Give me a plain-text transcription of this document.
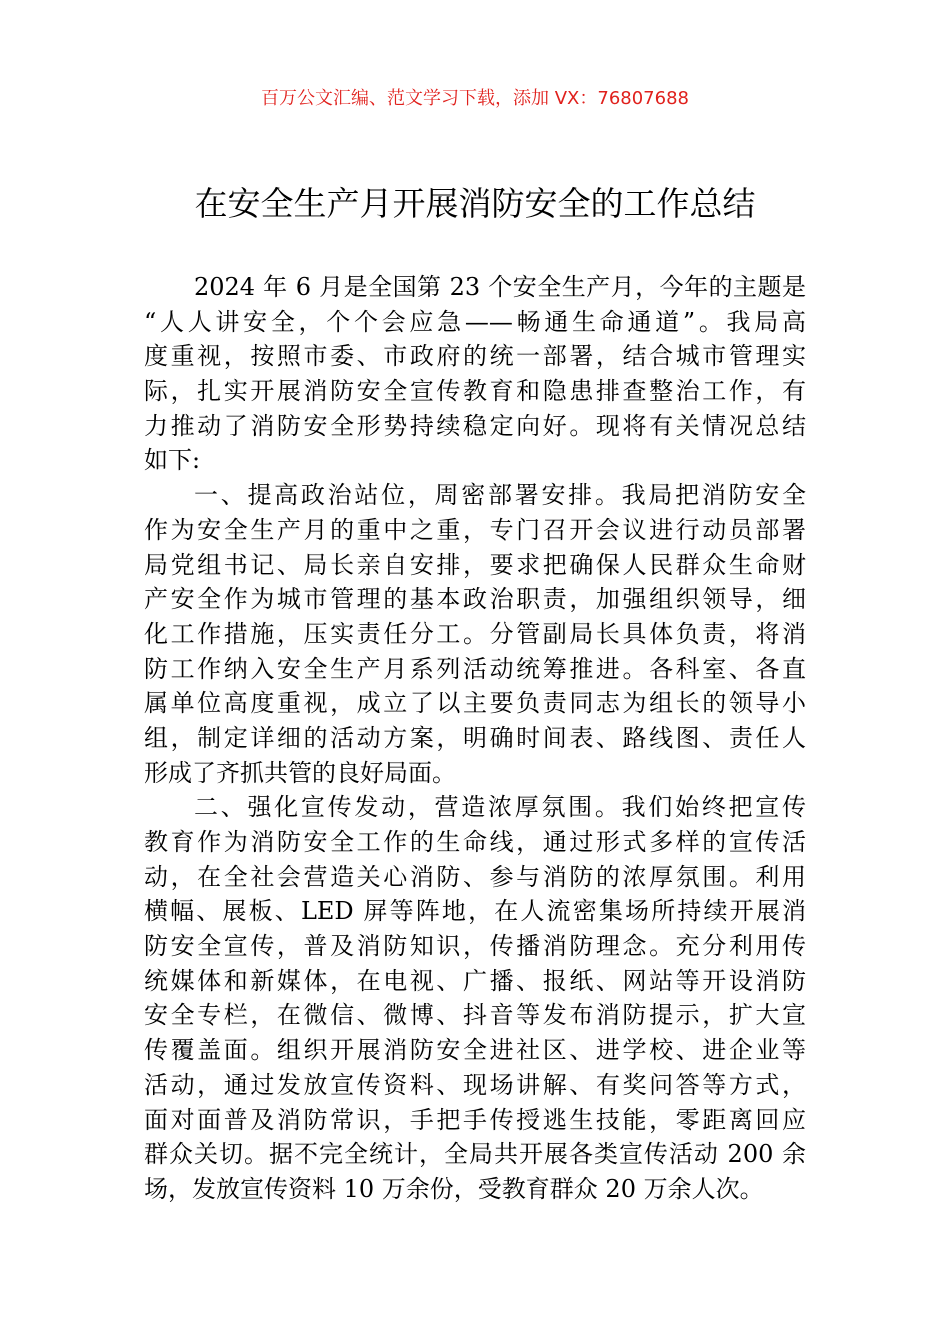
百万公文汇编、范文学习下载，添加 VX：76807688
在安全生产月开展消防安全的工作总结
2024 年 6 月是全国第 23 个安全生产月，今年的主题是
“人人讲安全，个个会应急——畅通生命通道”。我局高
度重视，按照市委、市政府的统一部署，结合城市管理实
际，扎实开展消防安全宣传教育和隐患排查整治工作，有
力推动了消防安全形势持续稳定向好。现将有关情况总结
如下:
一、提高政治站位，周密部署安排。我局把消防安全
作为安全生产月的重中之重，专门召开会议进行动员部署
局党组书记、局长亲自安排，要求把确保人民群众生命财
产安全作为城市管理的基本政治职责，加强组织领导，细
化工作措施，压实责任分工。分管副局长具体负责，将消
防工作纳入安全生产月系列活动统筹推进。各科室、各直
属单位高度重视，成立了以主要负责同志为组长的领导小
组，制定详细的活动方案，明确时间表、路线图、责任人
形成了齐抓共管的良好局面。
二、强化宣传发动，营造浓厚氛围。我们始终把宣传
教育作为消防安全工作的生命线，通过形式多样的宣传活
动，在全社会营造关心消防、参与消防的浓厚氛围。利用
横幅、展板、LED 屏等阵地，在人流密集场所持续开展消
防安全宣传，普及消防知识，传播消防理念。充分利用传
统媒体和新媒体，在电视、广播、报纸、网站等开设消防
安全专栏，在微信、微博、抖音等发布消防提示，扩大宣
传覆盖面。组织开展消防安全进社区、进学校、进企业等
活动，通过发放宣传资料、现场讲解、有奖问答等方式，
面对面普及消防常识，手把手传授逃生技能，零距离回应
群众关切。据不完全统计，全局共开展各类宣传活动 200 余
场，发放宣传资料 10 万余份，受教育群众 20 万余人次。
